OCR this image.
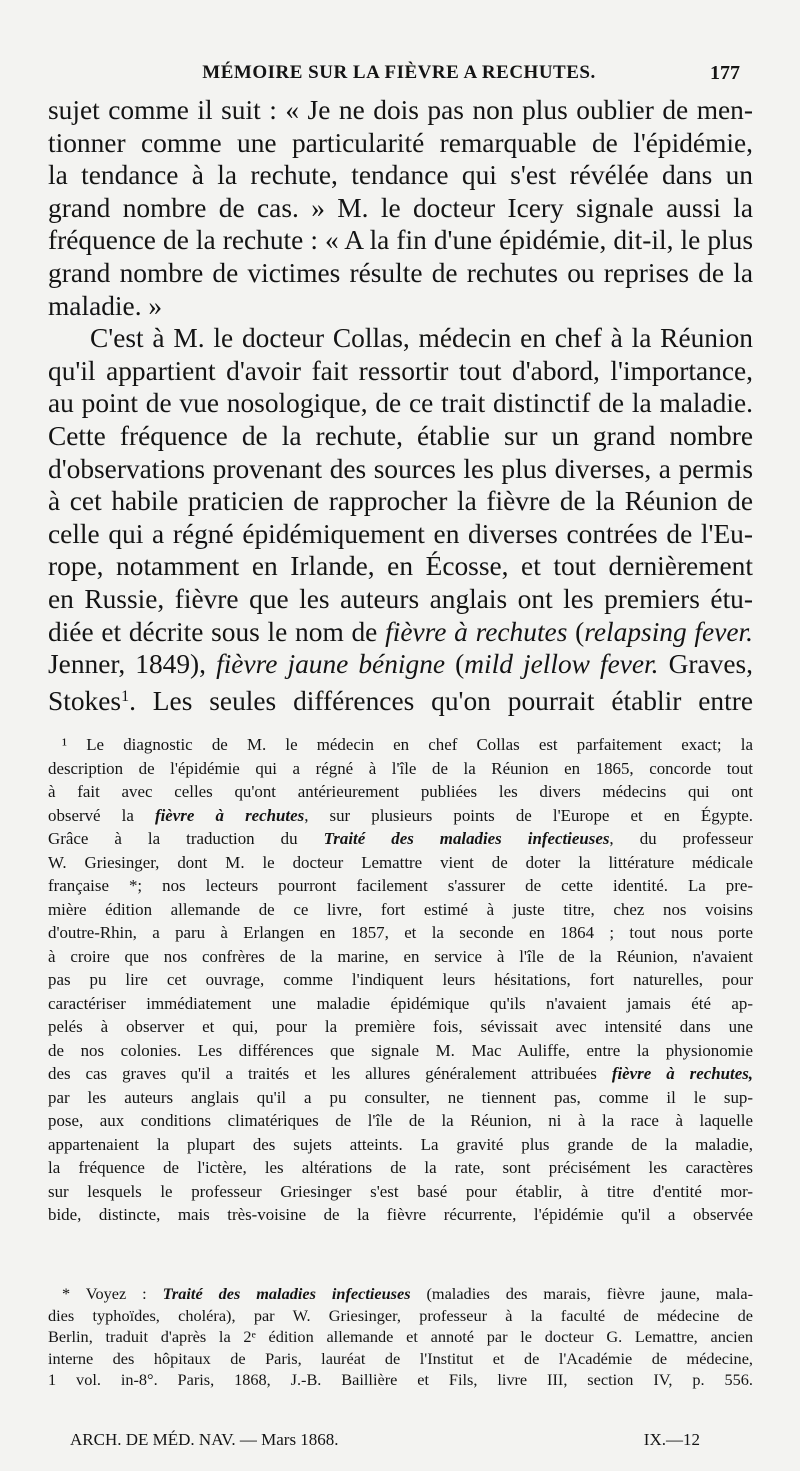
MÉMOIRE SUR LA FIÈVRE A RECHUTES.	177
sujet comme il suit : « Je ne dois pas non plus oublier de men-
tionner comme une particularité remarquable de l'épidémie,
la tendance à la rechute, tendance qui s'est révélée dans un
grand nombre de cas. » M. le docteur Icery signale aussi la
fréquence de la rechute : « A la fin d'une épidémie, dit-il, le plus
grand nombre de victimes résulte de rechutes ou reprises de la
maladie. »
C'est à M. le docteur Collas, médecin en chef à la Réunion
qu'il appartient d'avoir fait ressortir tout d'abord, l'importance,
au point de vue nosologique, de ce trait distinctif de la maladie.
Cette fréquence de la rechute, établie sur un grand nombre
d'observations provenant des sources les plus diverses, a permis
à cet habile praticien de rapprocher la fièvre de la Réunion de
celle qui a régné épidémiquement en diverses contrées de l'Eu-
rope, notamment en Irlande, en Écosse, et tout dernièrement
en Russie, fièvre que les auteurs anglais ont les premiers étu-
diée et décrite sous le nom de fièvre à rechutes (relapsing fever.
Jenner, 1849), fièvre jaune bénigne (mild jellow fever. Graves,
Stokes$^1$. Les seules différences qu'on pourrait établir entre
¹ Le diagnostic de M. le médecin en chef Collas est parfaitement exact; la
description de l'épidémie qui a régné à l'île de la Réunion en 1865, concorde tout
à fait avec celles qu'ont antérieurement publiées les divers médecins qui ont
observé la fièvre à rechutes, sur plusieurs points de l'Europe et en Égypte.
Grâce à la traduction du Traité des maladies infectieuses, du professeur
W. Griesinger, dont M. le docteur Lemattre vient de doter la littérature médicale
française *; nos lecteurs pourront facilement s'assurer de cette identité. La pre-
mière édition allemande de ce livre, fort estimé à juste titre, chez nos voisins
d'outre-Rhin, a paru à Erlangen en 1857, et la seconde en 1864 ; tout nous porte
à croire que nos confrères de la marine, en service à l'île de la Réunion, n'avaient
pas pu lire cet ouvrage, comme l'indiquent leurs hésitations, fort naturelles, pour
caractériser immédiatement une maladie épidémique qu'ils n'avaient jamais été ap-
pelés à observer et qui, pour la première fois, sévissait avec intensité dans une
de nos colonies. Les différences que signale M. Mac Auliffe, entre la physionomie
des cas graves qu'il a traités et les allures généralement attribuées fièvre à rechutes,
par les auteurs anglais qu'il a pu consulter, ne tiennent pas, comme il le sup-
pose, aux conditions climatériques de l'île de la Réunion, ni à la race à laquelle
appartenaient la plupart des sujets atteints. La gravité plus grande de la maladie,
la fréquence de l'ictère, les altérations de la rate, sont précisément les caractères
sur lesquels le professeur Griesinger s'est basé pour établir, à titre d'entité mor-
bide, distincte, mais très-voisine de la fièvre récurrente, l'épidémie qu'il a observée
* Voyez : Traité des maladies infectieuses (maladies des marais, fièvre jaune, mala-
dies typhoïdes, choléra), par W. Griesinger, professeur à la faculté de médecine de
Berlin, traduit d'après la 2ᵉ édition allemande et annoté par le docteur G. Lemattre, ancien
interne des hôpitaux de Paris, lauréat de l'Institut et de l'Académie de médecine,
1 vol. in-8°. Paris, 1868, J.-B. Baillière et Fils, livre III, section IV, p. 556.
ARCH. DE MÉD. NAV. — Mars 1868.	IX.—12
